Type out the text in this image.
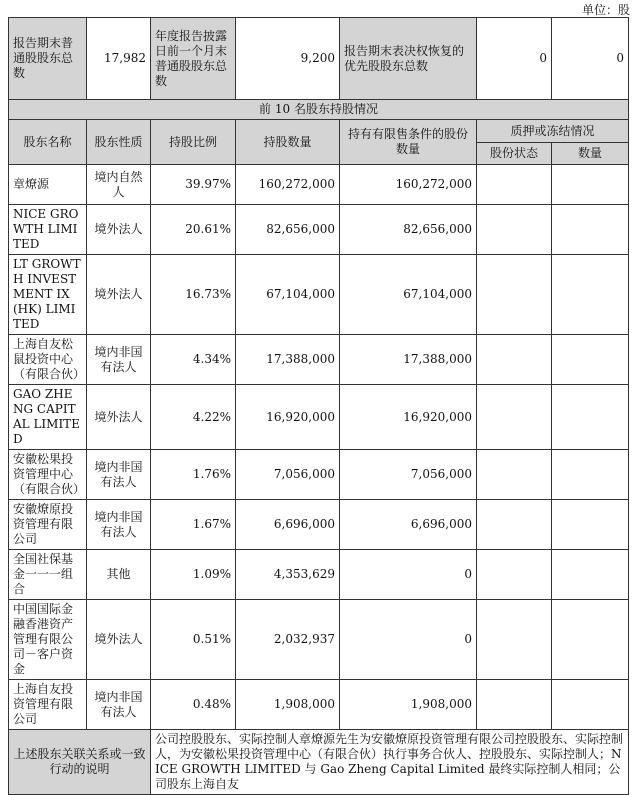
单位：股
报告期末普通股股东总数	17,982	年度报告披露日前一个月末普通股股东总数	9,200	报告期末表决权恢复的优先股股东总数	0	0
前 10 名股东持股情况						
股东名称	股东性质	持股比例	持股数量	持有有限售条件的股份数量	质押或冻结情况	
					股份状态	数量
章燎源	境内自然人	39.97%	160,272,000	160,272,000		
NICE GROWTH LIMITED	境外法人	20.61%	82,656,000	82,656,000		
LT GROWTH INVESTMENT IX (HK) LIMITED	境外法人	16.73%	67,104,000	67,104,000		
上海自友松鼠投资中心（有限合伙）	境内非国有法人	4.34%	17,388,000	17,388,000		
GAO ZHENG CAPITAL LIMITED	境外法人	4.22%	16,920,000	16,920,000		
安徽松果投资管理中心（有限合伙）	境内非国有法人	1.76%	7,056,000	7,056,000		
安徽燎原投资管理有限公司	境内非国有法人	1.67%	6,696,000	6,696,000		
全国社保基金一一一组合	其他	1.09%	4,353,629	0		
中国国际金融香港资产管理有限公司－客户资金	境外法人	0.51%	2,032,937	0		
上海自友投资管理有限公司	境内非国有法人	0.48%	1,908,000	1,908,000		
上述股东关联关系或一致行动的说明		公司控股股东、实际控制人章燎源先生为安徽燎原投资管理有限公司控股股东、实际控制人，为安徽松果投资管理中心（有限合伙）执行事务合伙人、控股股东、实际控制人；NICE GROWTH LIMITED 与 Gao Zheng Capital Limited 最终实际控制人相同；公司股东上海自友				
